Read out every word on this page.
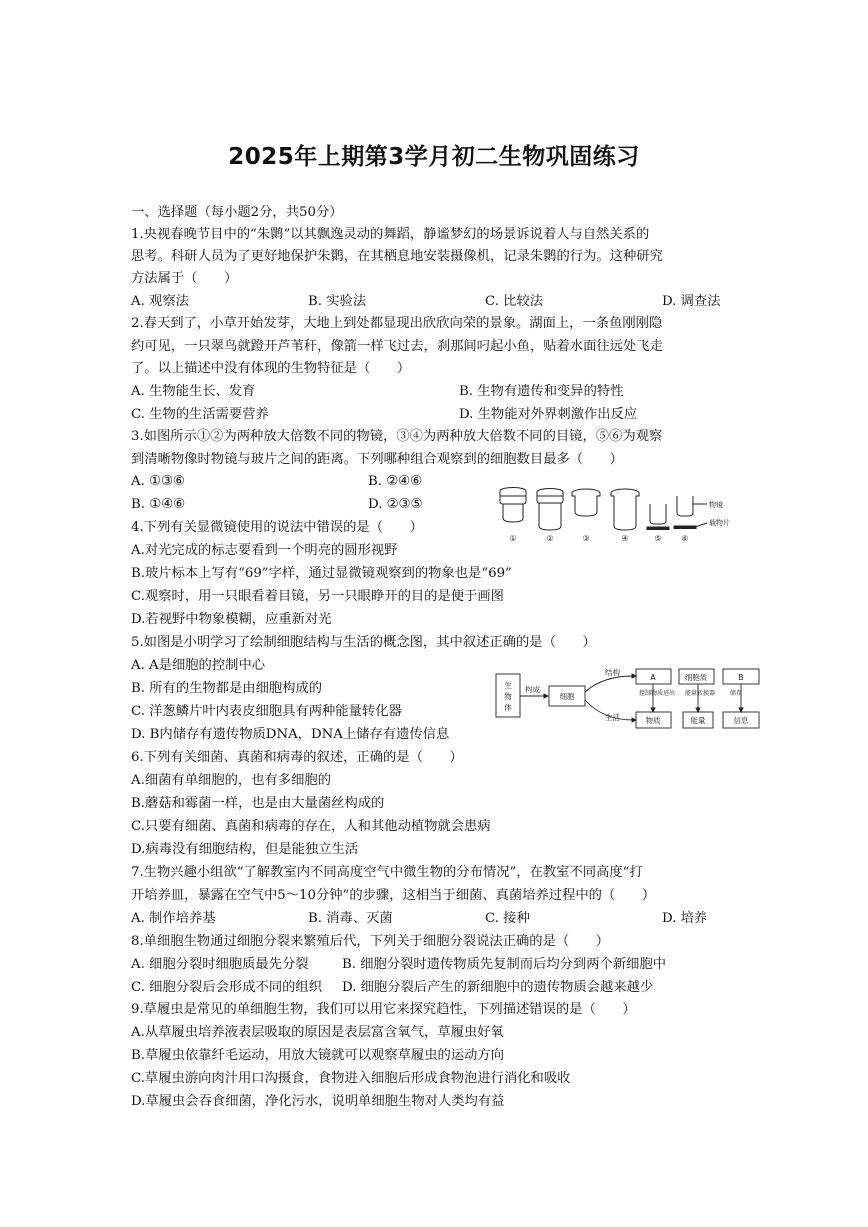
2025年上期第3学月初二生物巩固练习
一、选择题（每小题2分，共50分）
1.央视春晚节目中的“朱鹮”以其飘逸灵动的舞蹈，静谧梦幻的场景诉说着人与自然关系的
思考。科研人员为了更好地保护朱鹮，在其栖息地安装摄像机，记录朱鹮的行为。这种研究
方法属于（　　）
A. 观察法	B. 实验法	C. 比较法	D. 调查法
2.春天到了，小草开始发芽，大地上到处都显现出欣欣向荣的景象。湖面上，一条鱼刚刚隐
约可见，一只翠鸟就蹬开芦苇秆，像箭一样飞过去，刹那间叼起小鱼，贴着水面往远处飞走
了。以上描述中没有体现的生物特征是（　　）
A. 生物能生长、发育	B. 生物有遗传和变异的特性
C. 生物的生活需要营养	D. 生物能对外界刺激作出反应
3.如图所示①②为两种放大倍数不同的物镜，③④为两种放大倍数不同的目镜，⑤⑥为观察
到清晰物像时物镜与玻片之间的距离。下列哪种组合观察到的细胞数目最多（　　）
A. ①③⑥	B. ②④⑥
B. ①④⑥	D. ②③⑤
①	②	③	④	⑤ ⑥
物镜
载物片
4.下列有关显微镜使用的说法中错误的是（　　）
A.对光完成的标志要看到一个明亮的圆形视野
B.玻片标本上写有“69”字样，通过显微镜观察到的物象也是“69”
C.观察时，用一只眼看着目镜，另一只眼睁开的目的是便于画图
D.若视野中物象模糊，应重新对光
5.如图是小明学习了绘制细胞结构与生活的概念图，其中叙述正确的是（　　）
A. A是细胞的控制中心
B. 所有的生物都是由细胞构成的
C. 洋葱鳞片叶内表皮细胞具有两种能量转化器
D. B内储存有遗传物质DNA，DNA上储存有遗传信息
生
物
体
构成
细胞
结构
生活
A	细胞质	B
物质	能量	信息
控制物质进出 能量转换器 储存
6.下列有关细菌、真菌和病毒的叙述，正确的是（　　）
A.细菌有单细胞的，也有多细胞的
B.蘑菇和霉菌一样，也是由大量菌丝构成的
C.只要有细菌、真菌和病毒的存在，人和其他动植物就会患病
D.病毒没有细胞结构，但是能独立生活
7.生物兴趣小组欲“了解教室内不同高度空气中微生物的分布情况”，在教室不同高度“打
开培养皿，暴露在空气中5～10分钟”的步骤，这相当于细菌、真菌培养过程中的（　　）
A. 制作培养基	B. 消毒、灭菌	C. 接种	D. 培养
8.单细胞生物通过细胞分裂来繁殖后代，下列关于细胞分裂说法正确的是（　　）
A. 细胞分裂时细胞质最先分裂	B. 细胞分裂时遗传物质先复制而后均分到两个新细胞中
C. 细胞分裂后会形成不同的组织 D. 细胞分裂后产生的新细胞中的遗传物质会越来越少
9.草履虫是常见的单细胞生物，我们可以用它来探究趋性，下列描述错误的是（　　）
A.从草履虫培养液表层吸取的原因是表层富含氧气，草履虫好氧
B.草履虫依靠纤毛运动，用放大镜就可以观察草履虫的运动方向
C.草履虫游向肉汁用口沟摄食，食物进入细胞后形成食物泡进行消化和吸收
D.草履虫会吞食细菌，净化污水，说明单细胞生物对人类均有益
